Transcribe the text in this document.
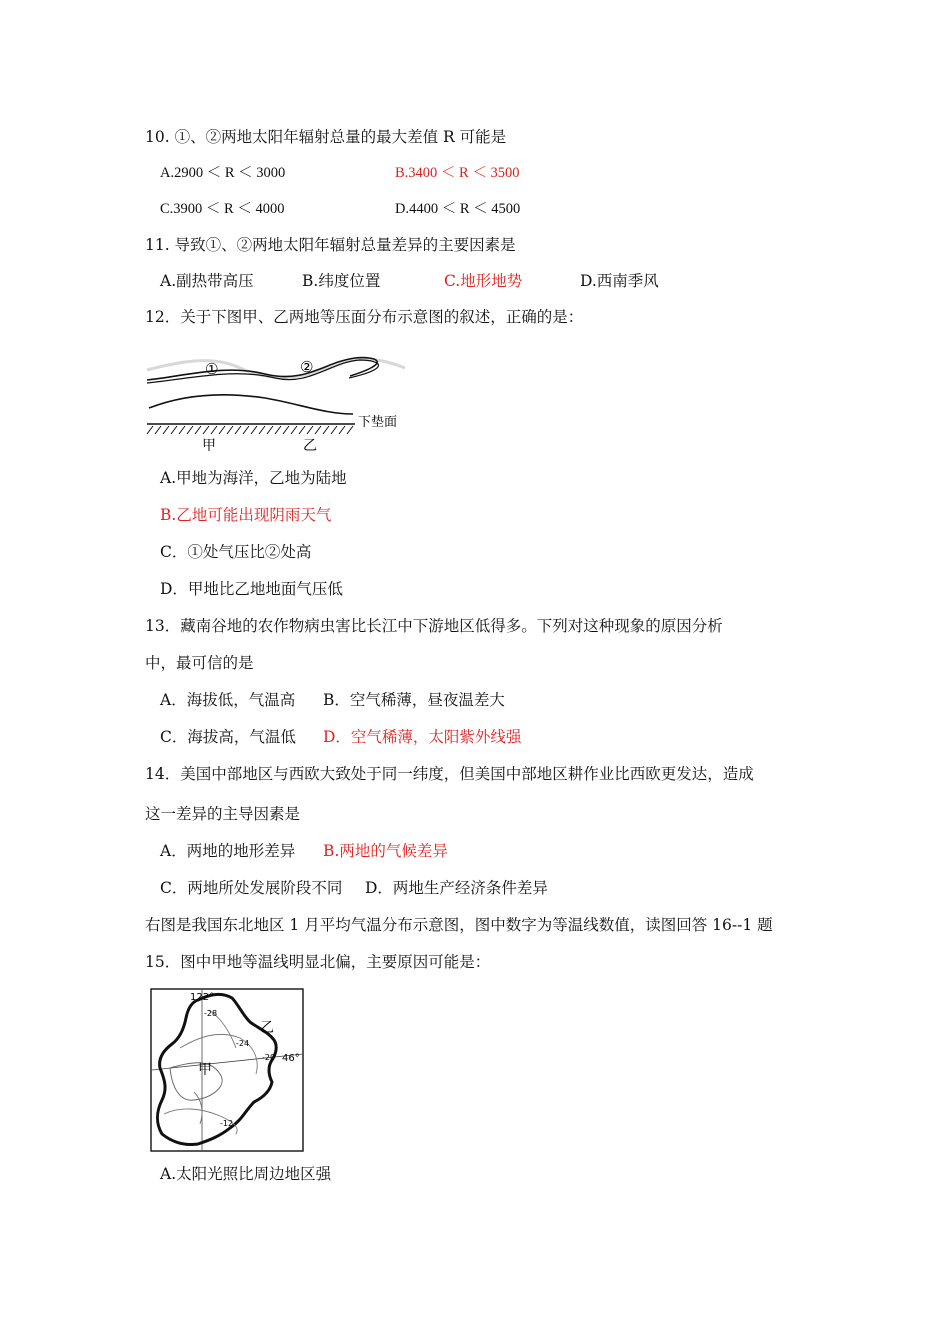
10. ①、②两地太阳年辐射总量的最大差值 R 可能是
A.2900 ＜ R ＜ 3000	B.3400 ＜ R ＜ 3500
C.3900 ＜ R ＜ 4000	D.4400 ＜ R ＜ 4500
11. 导致①、②两地太阳年辐射总量差异的主要因素是
A.副热带高压	B.纬度位置	C.地形地势	D.西南季风
12．关于下图甲、乙两地等压面分布示意图的叙述，正确的是：
①	②
下垫面
甲	乙
A.甲地为海洋，乙地为陆地
B.乙地可能出现阴雨天气
C．①处气压比②处高
D．甲地比乙地地面气压低
13．藏南谷地的农作物病虫害比长江中下游地区低得多。下列对这种现象的原因分析
中，最可信的是
A．海拔低，气温高 B．空气稀薄，昼夜温差大
C．海拔高，气温低 D．空气稀薄，太阳紫外线强
14．美国中部地区与西欧大致处于同一纬度，但美国中部地区耕作业比西欧更发达，造成
这一差异的主导因素是
A．两地的地形差异 B.两地的气候差异
C．两地所处发展阶段不同 D．两地生产经济条件差异
右图是我国东北地区 1 月平均气温分布示意图，图中数字为等温线数值，读图回答 16--1 题
15．图中甲地等温线明显北偏，主要原因可能是：
122°
46°
乙
甲
-28
-24
-20
-12
A.太阳光照比周边地区强
